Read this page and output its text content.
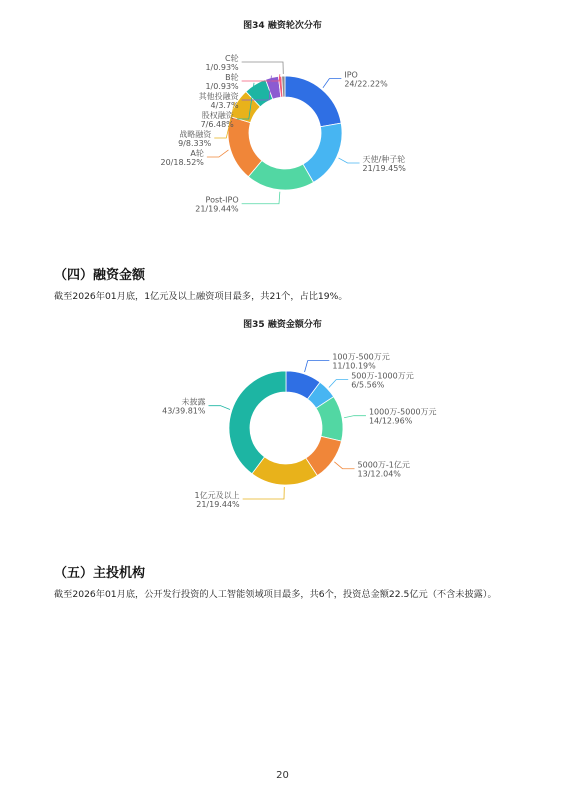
图34 融资轮次分布
IPO
24/22.22%
天使/种子轮
21/19.45%
C轮
1/0.93%
B轮
1/0.93%
其他投融资
4/3.7%
股权融资
7/6.48%
战略融资
9/8.33%
A轮
20/18.52%
Post-IPO
21/19.44%
（四）融资金额
截至2026年01月底，1亿元及以上融资项目最多，共21个，占比19%。
图35 融资金额分布
100万-500万元
11/10.19%
500万-1000万元
6/5.56%
1000万-5000万元
14/12.96%
5000万-1亿元
13/12.04%
未披露
43/39.81%
1亿元及以上
21/19.44%
（五）主投机构
截至2026年01月底，公开发行投资的人工智能领域项目最多，共6个，投资总金额22.5亿元（不含未披露）。
20
